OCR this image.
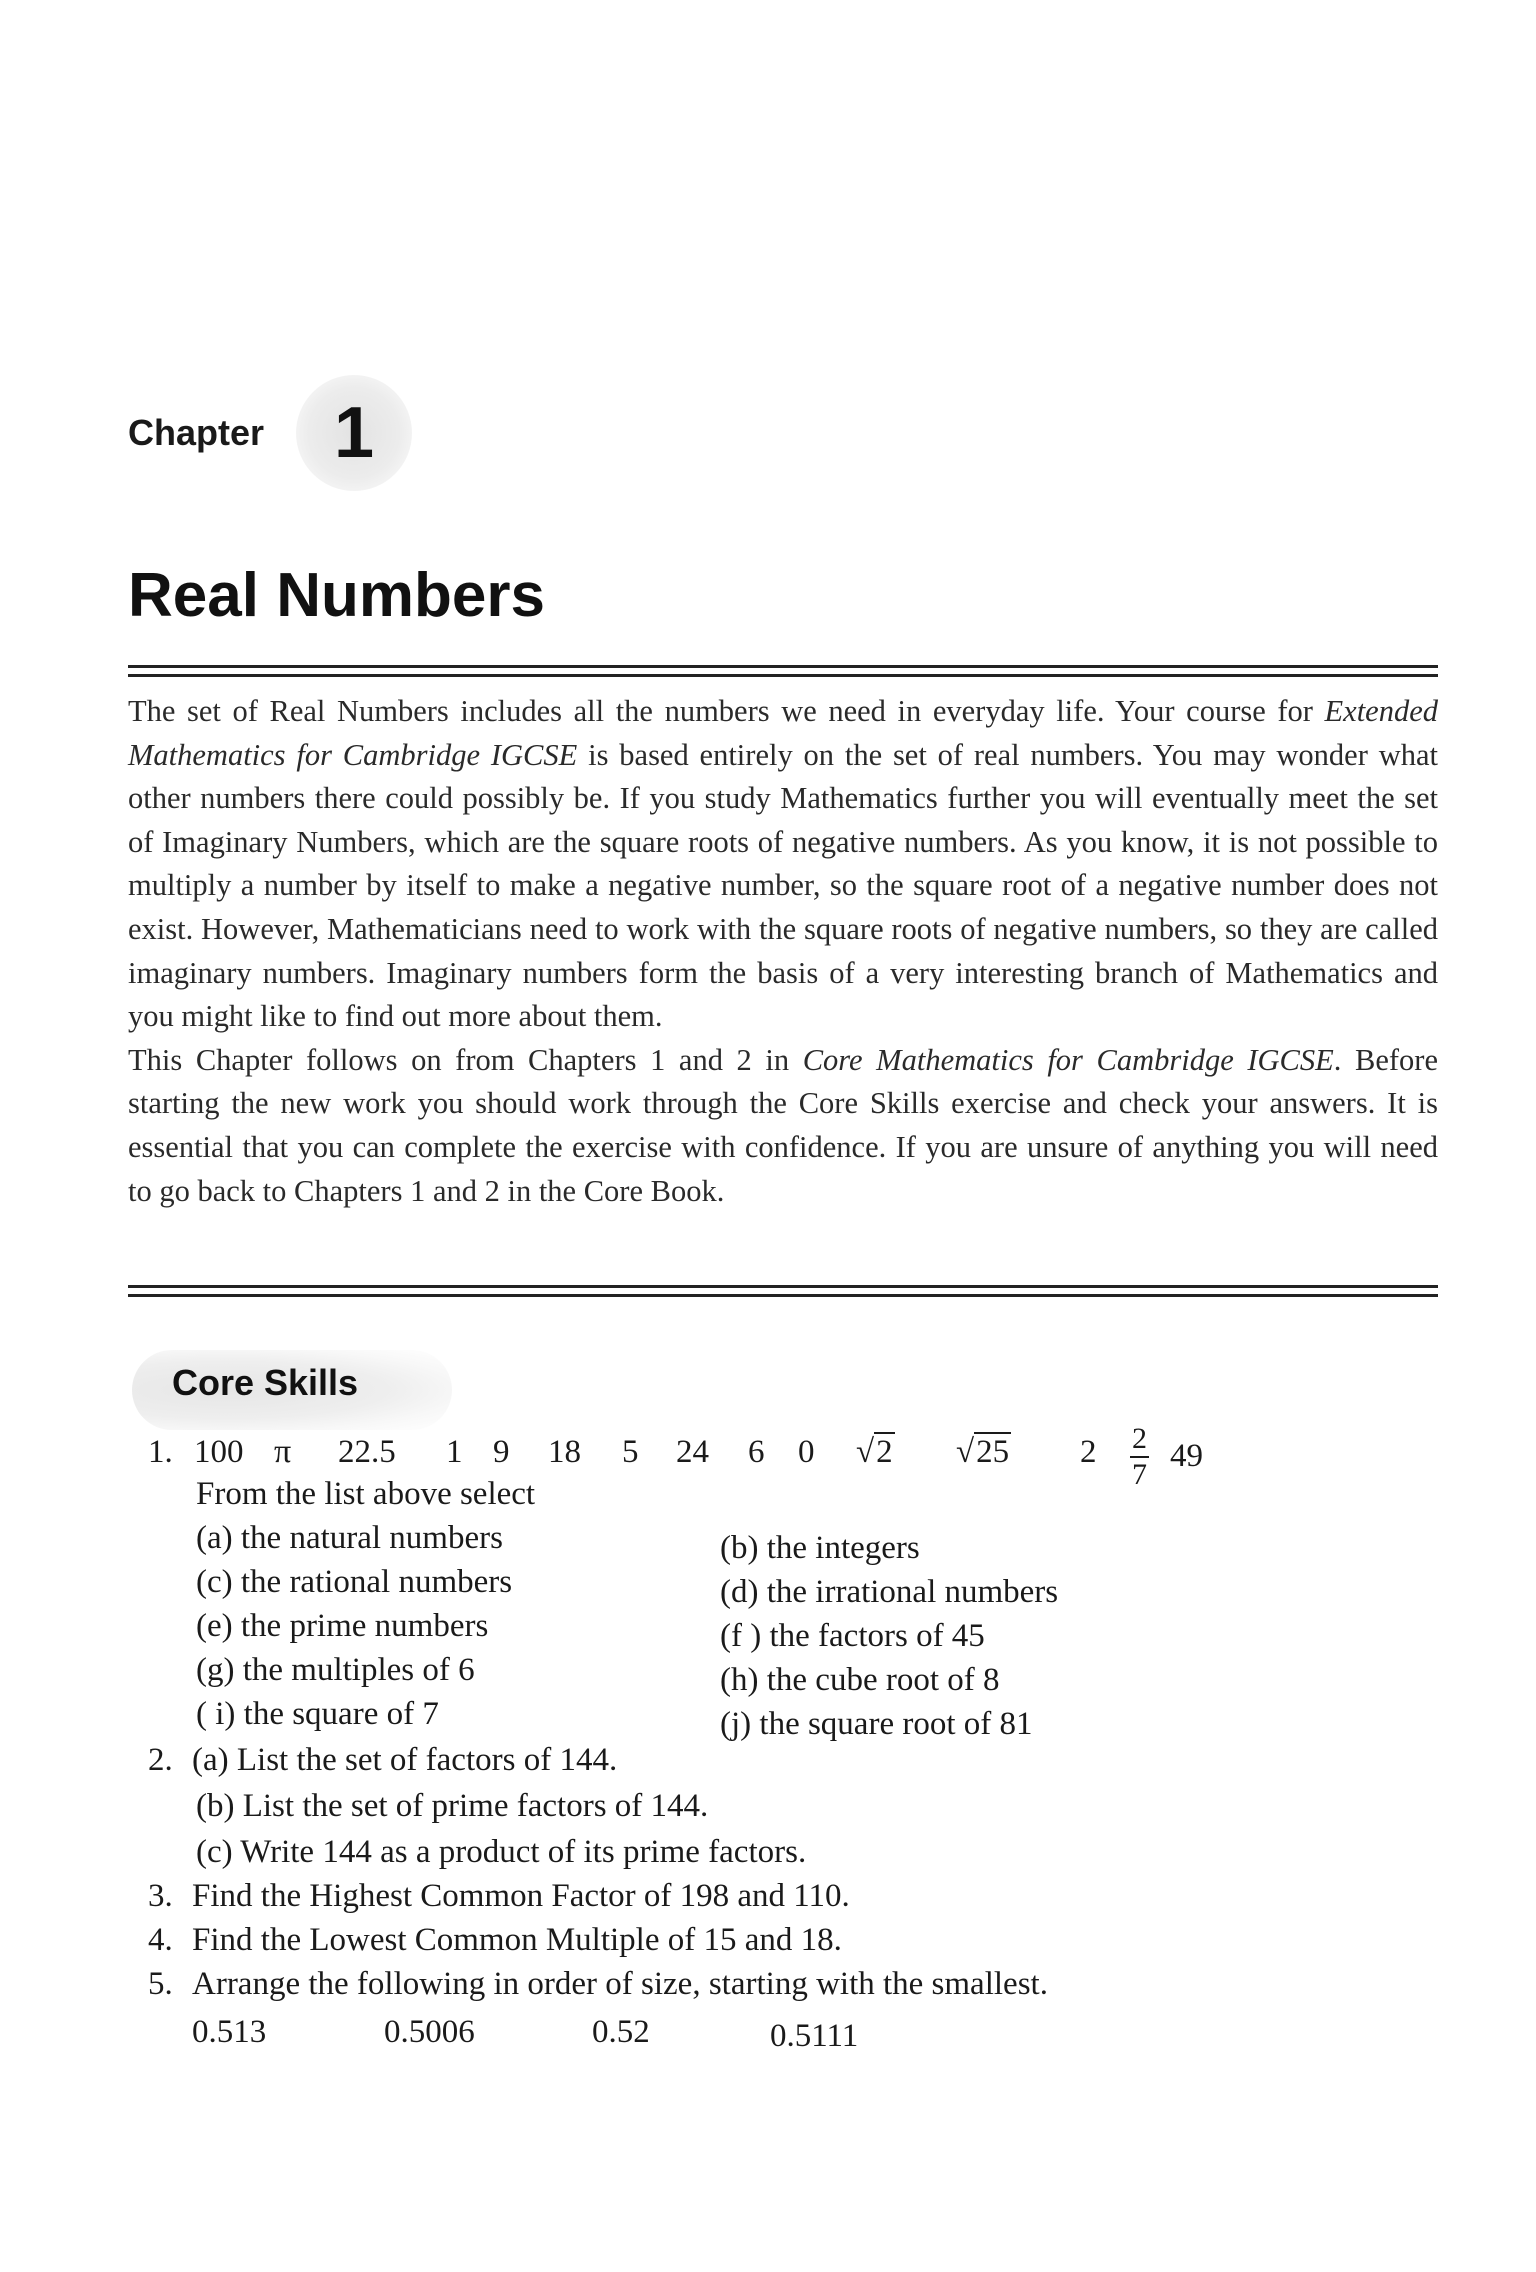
Chapter 1
Real Numbers

The set of Real Numbers includes all the numbers we need in everyday life. Your course for Extended Mathematics for Cambridge IGCSE is based entirely on the set of real numbers. You may wonder what other numbers there could possibly be. If you study Mathematics further you will eventually meet the set of Imaginary Numbers, which are the square roots of negative numbers. As you know, it is not possible to multiply a number by itself to make a negative number, so the square root of a negative number does not exist. However, Mathematicians need to work with the square roots of negative numbers, so they are called imaginary numbers. Imaginary numbers form the basis of a very interesting branch of Mathematics and you might like to find out more about them.

This Chapter follows on from Chapters 1 and 2 in Core Mathematics for Cambridge IGCSE. Before starting the new work you should work through the Core Skills exercise and check your answers. It is essential that you can complete the exercise with confidence. If you are unsure of anything you will need to go back to Chapters 1 and 2 in the Core Book.

Core Skills
1. 100 π 22.5 1 9 18 5 24 6 0 √2 √25 $2 \frac{2}{7} 49$
From the list above select
(a) the natural numbers	(b) the integers
(c) the rational numbers	(d) the irrational numbers
(e) the prime numbers	(f ) the factors of 45
(g) the multiples of 6	(h) the cube root of 8
( i) the square of 7	(j) the square root of 81
2. (a) List the set of factors of 144.
(b) List the set of prime factors of 144.
(c) Write 144 as a product of its prime factors.
3. Find the Highest Common Factor of 198 and 110.
4. Find the Lowest Common Multiple of 15 and 18.
5. Arrange the following in order of size, starting with the smallest.
0.513	0.5006	0.52	0.5111
